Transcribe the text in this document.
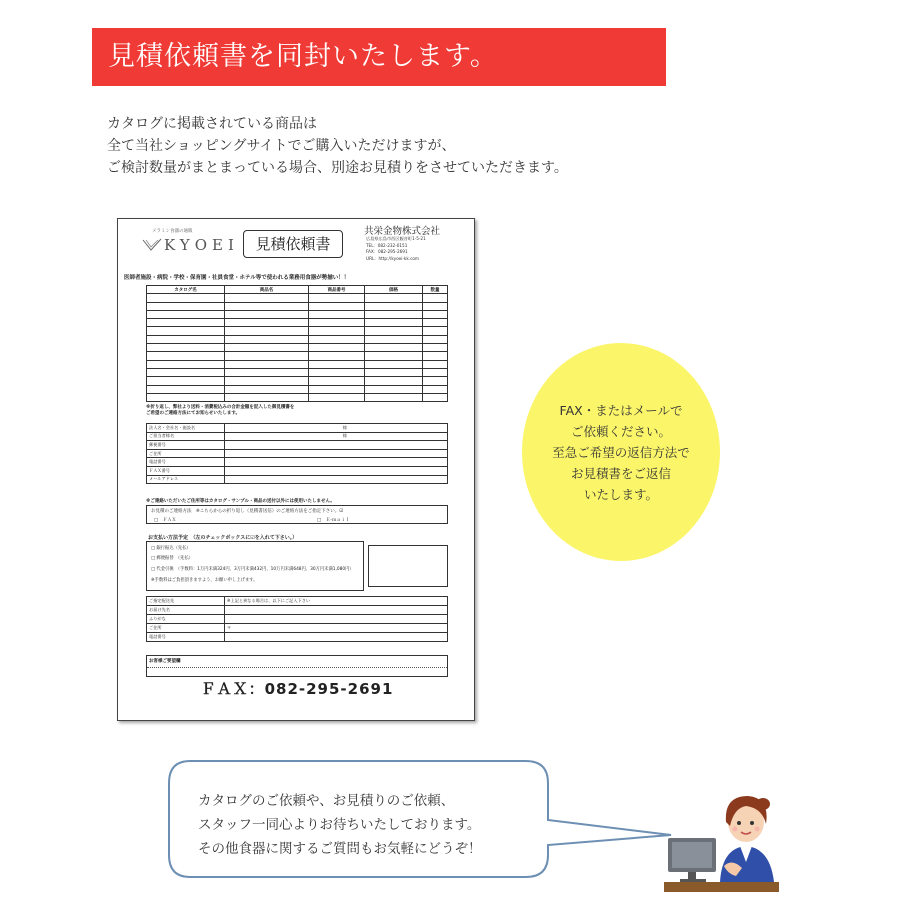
見積依頼書を同封いたします。
カタログに掲載されている商品は
全て当社ショッピングサイトでご購入いただけますが、
ご検討数量がまとまっている場合、別途お見積りをさせていただきます。
メラミン食器の通販
KYOEI	見積依頼書
共栄金物株式会社
広島県広島市西区観音町1-5-21
TEL：082-232-0151
FAX：082-295-2691
URL：http://kyoei-kk.com
医師者施設・病院・学校・保育園・社員食堂・ホテル等で使われる業務用食器が勢揃い！！
カタログ名	商品名	商品番号	価格	数量

※折り返し、弊社より送料・消費税込みの合計金額を記入した御見積書を
ご希望のご連絡方法にてお知らせいたします。
法人名・会社名・施設名	様
ご担当者様名	様
郵便番号	
ご住所	
電話番号	
ＦＡＸ番号	
メールアドレス	
※ご連絡いただいたご住所等はカタログ・サンプル・商品の送付以外には使用いたしません。
お見積のご連絡方法　※こちらからの折り返し（見積書送信）のご連絡方法をご指定下さい。☑
□　ＦＡＸ	□　Ｅ-ｍａｉｌ
お支払い方法予定　（左のチェックボックスに☑を入れて下さい。）
□ 銀行振込（先払）
□ 郵便振替　（先払）
□ 代金引換　（手数料：1万円未満324円、3万円未満432円、10万円未満648円、30万円未満1,080円）
※手数料はご負担頂きますよう、お願い申し上げます。
ご指定配送先	※上記と異なる場合は、以下にご記入下さい
お届け先名	
ふりがな	
ご住所	〒
電話番号	
お客様ご要望欄
ＦＡＸ：082-295-2691
FAX・またはメールで
ご依頼ください。
至急ご希望の返信方法で
お見積書をご返信
いたします。
カタログのご依頼や、お見積りのご依頼、
スタッフ一同心よりお待ちいたしております。
その他食器に関するご質問もお気軽にどうぞ！
